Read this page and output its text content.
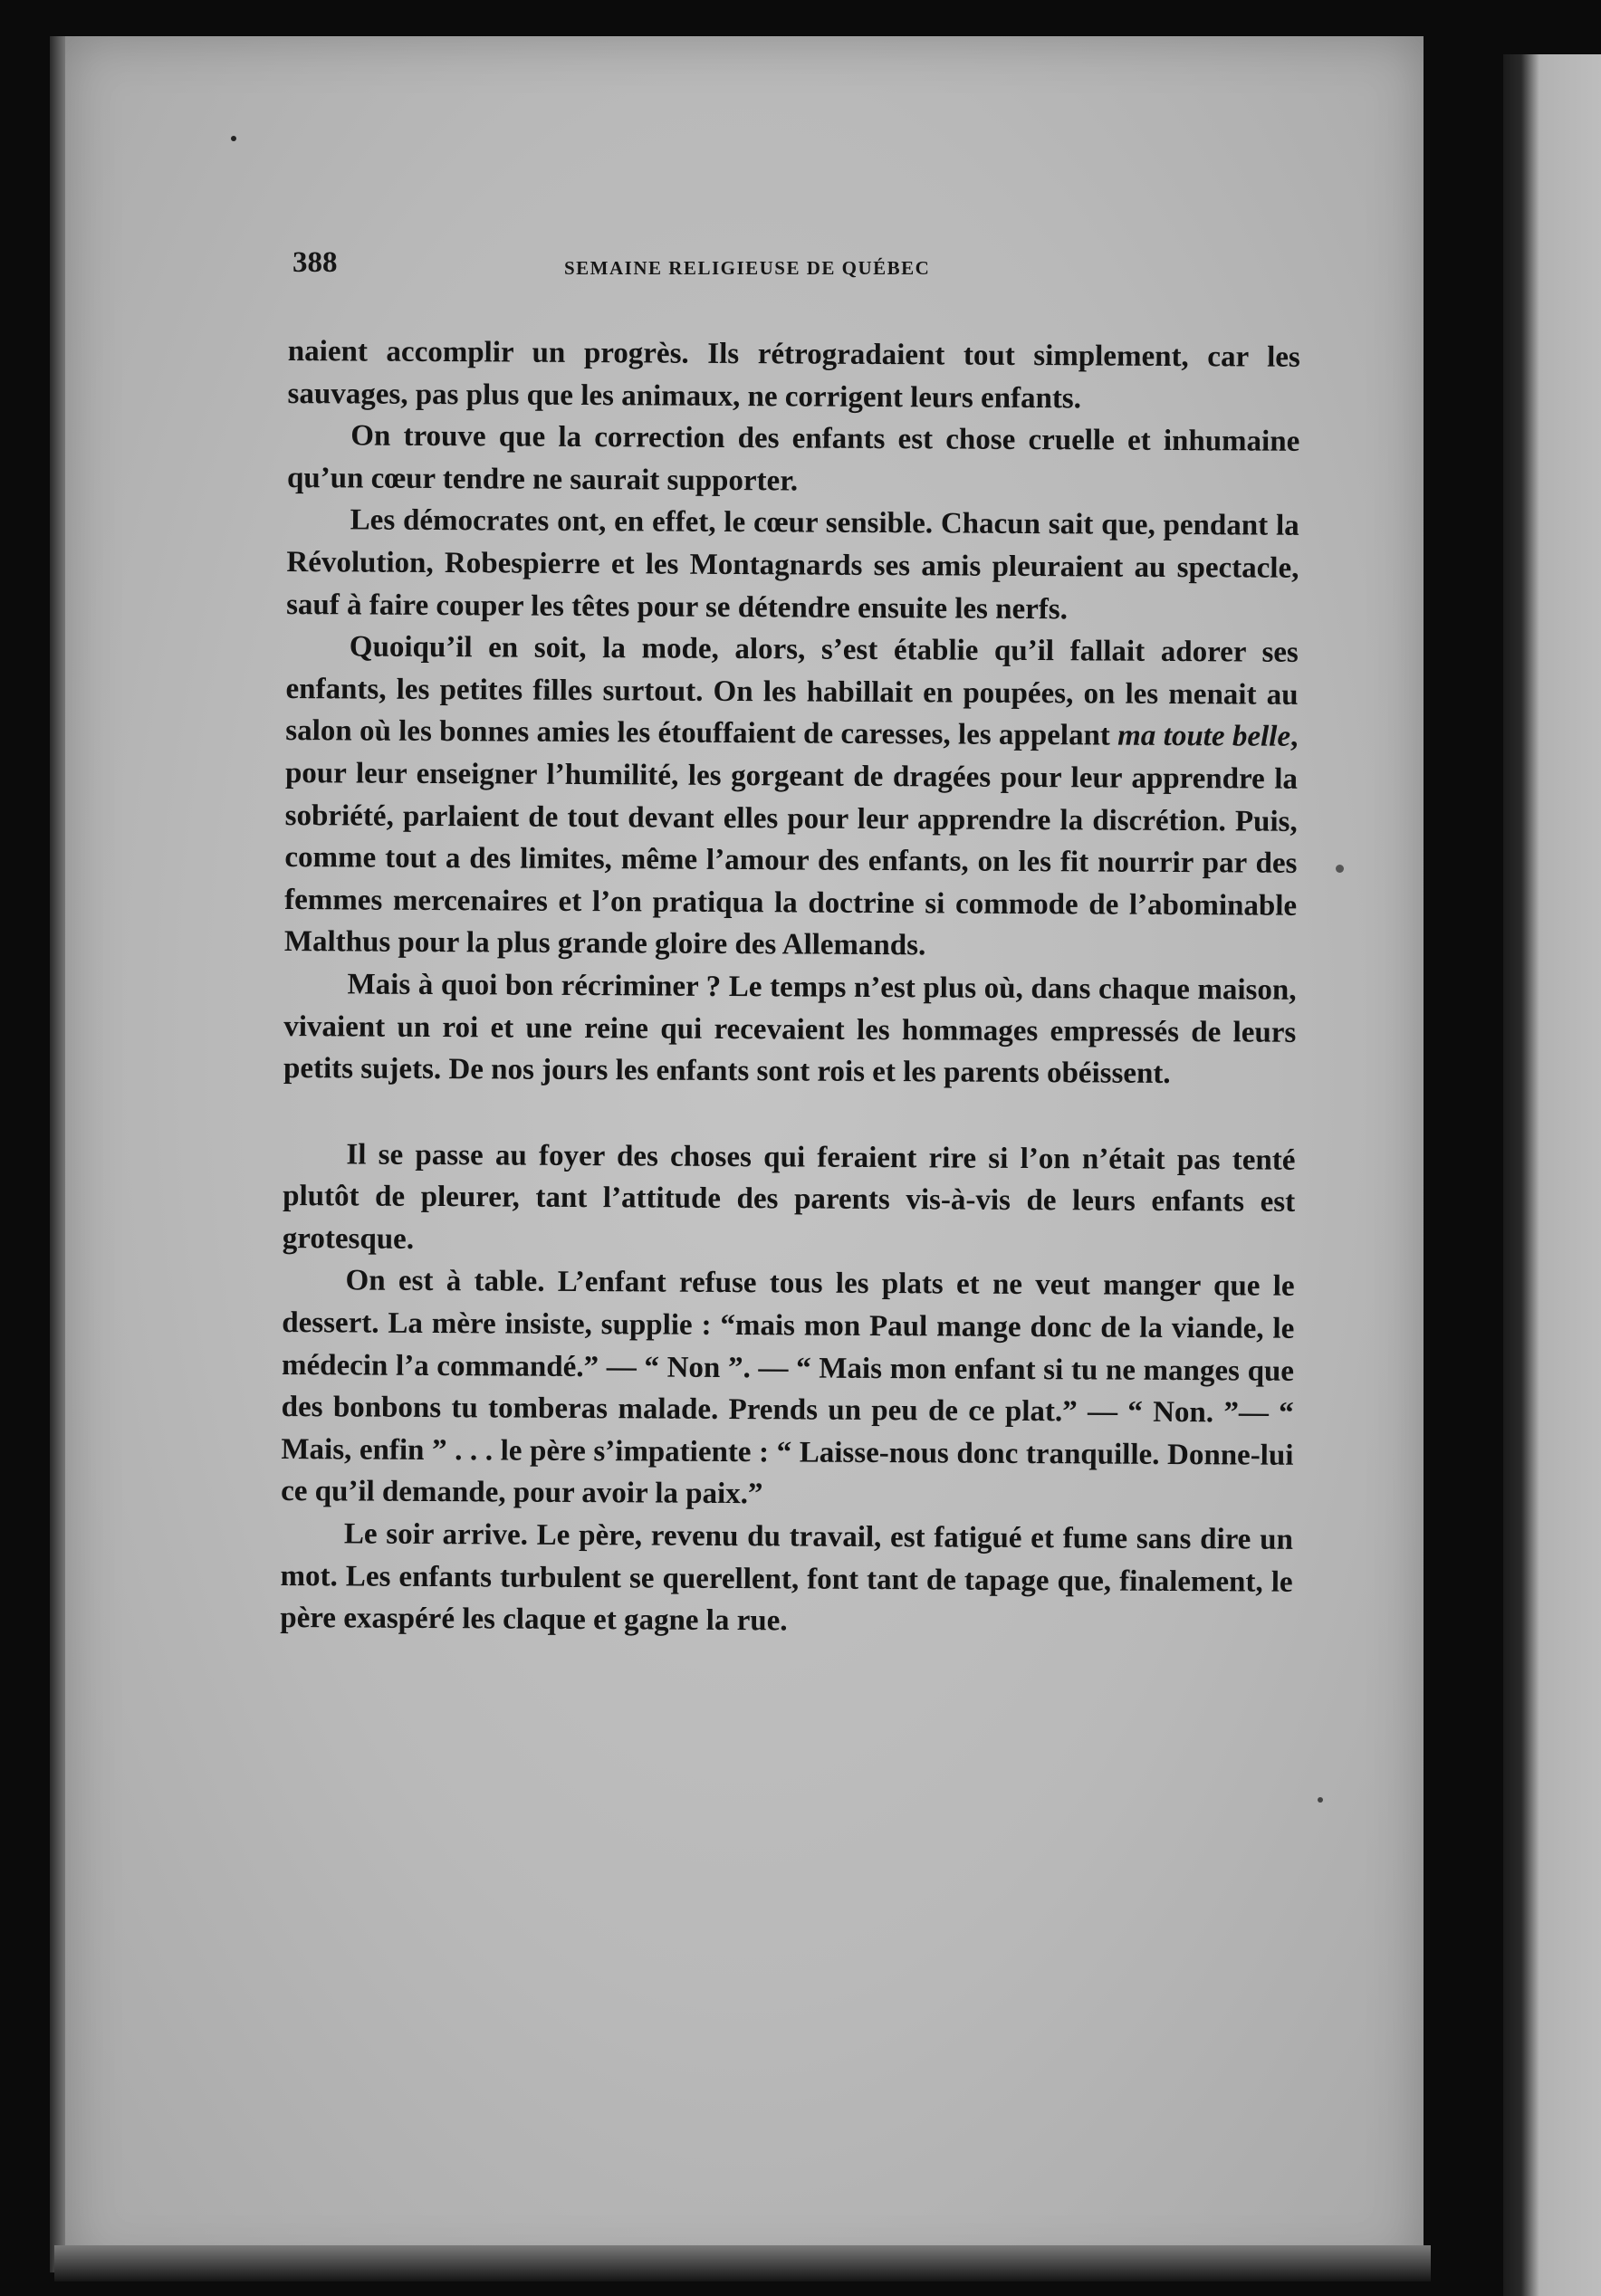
388	SEMAINE RELIGIEUSE DE QUÉBEC

naient accomplir un progrès. Ils rétrogradaient tout simplement, car les sauvages, pas plus que les animaux, ne corrigent leurs enfants.

On trouve que la correction des enfants est chose cruelle et inhumaine qu’un cœur tendre ne saurait supporter.

Les démocrates ont, en effet, le cœur sensible. Chacun sait que, pendant la Révolution, Robespierre et les Montagnards ses amis pleuraient au spectacle, sauf à faire couper les têtes pour se détendre ensuite les nerfs.

Quoiqu’il en soit, la mode, alors, s’est établie qu’il fallait adorer ses enfants, les petites filles surtout. On les habillait en poupées, on les menait au salon où les bonnes amies les étouffaient de caresses, les appelant ma toute belle, pour leur enseigner l’humilité, les gorgeant de dragées pour leur apprendre la sobriété, parlaient de tout devant elles pour leur apprendre la discrétion. Puis, comme tout a des limites, même l’amour des enfants, on les fit nourrir par des femmes mercenaires et l’on pratiqua la doctrine si commode de l’abominable Malthus pour la plus grande gloire des Allemands.

Mais à quoi bon récriminer ? Le temps n’est plus où, dans chaque maison, vivaient un roi et une reine qui recevaient les hommages empressés de leurs petits sujets. De nos jours les enfants sont rois et les parents obéissent.

Il se passe au foyer des choses qui feraient rire si l’on n’était pas tenté plutôt de pleurer, tant l’attitude des parents vis-à-vis de leurs enfants est grotesque.

On est à table. L’enfant refuse tous les plats et ne veut manger que le dessert. La mère insiste, supplie : “mais mon Paul mange donc de la viande, le médecin l’a commandé.” — “ Non ”. — “ Mais mon enfant si tu ne manges que des bonbons tu tomberas malade. Prends un peu de ce plat.” — “ Non. ”— “ Mais, enfin ” . . . le père s’impatiente : “ Laisse-nous donc tranquille. Donne-lui ce qu’il demande, pour avoir la paix.”

Le soir arrive. Le père, revenu du travail, est fatigué et fume sans dire un mot. Les enfants turbulent se querellent, font tant de tapage que, finalement, le père exaspéré les claque et gagne la rue.
